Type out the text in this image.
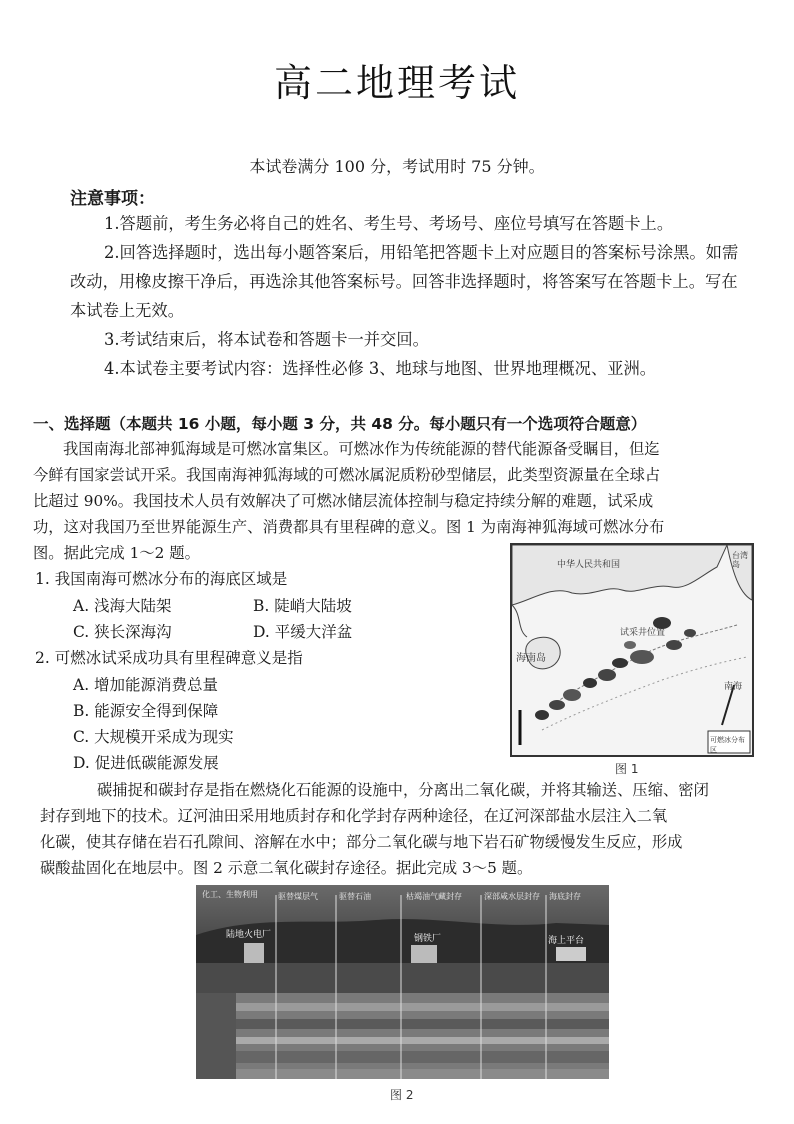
高二地理考试
本试卷满分 100 分，考试用时 75 分钟。
注意事项：
1.答题前，考生务必将自己的姓名、考生号、考场号、座位号填写在答题卡上。
2.回答选择题时，选出每小题答案后，用铅笔把答题卡上对应题目的答案标号涂黑。如需改动，用橡皮擦干净后，再选涂其他答案标号。回答非选择题时，将答案写在答题卡上。写在本试卷上无效。
3.考试结束后，将本试卷和答题卡一并交回。
4.本试卷主要考试内容：选择性必修 3、地球与地图、世界地理概况、亚洲。
一、选择题（本题共 16 小题，每小题 3 分，共 48 分。每小题只有一个选项符合题意）
我国南海北部神狐海域是可燃冰富集区。可燃冰作为传统能源的替代能源备受瞩目，但迄
今鲜有国家尝试开采。我国南海神狐海域的可燃冰属泥质粉砂型储层，此类型资源量在全球占
比超过 90%。我国技术人员有效解决了可燃冰储层流体控制与稳定持续分解的难题，试采成
功，这对我国乃至世界能源生产、消费都具有里程碑的意义。图 1 为南海神狐海域可燃冰分布
图。据此完成 1～2 题。
1. 我国南海可燃冰分布的海底区域是
A. 浅海大陆架	B. 陡峭大陆坡
C. 狭长深海沟	D. 平缓大洋盆
2. 可燃冰试采成功具有里程碑意义是指
A. 增加能源消费总量
B. 能源安全得到保障
C. 大规模开采成为现实
D. 促进低碳能源发展
中华人民共和国
海南岛
试采井位置
台湾岛
南海
可燃冰分布区
图 1
碳捕捉和碳封存是指在燃烧化石能源的设施中，分离出二氧化碳，并将其输送、压缩、密闭
封存到地下的技术。辽河油田采用地质封存和化学封存两种途径，在辽河深部盐水层注入二氧
化碳，使其存储在岩石孔隙间、溶解在水中；部分二氧化碳与地下岩石矿物缓慢发生反应，形成
碳酸盐固化在地层中。图 2 示意二氧化碳封存途径。据此完成 3～5 题。
化工、生物利用	驱替煤层气	驱替石油	枯竭油气藏封存	深部咸水层封存 海底封存
陆地火电厂	钢铁厂	海上平台
图 2
